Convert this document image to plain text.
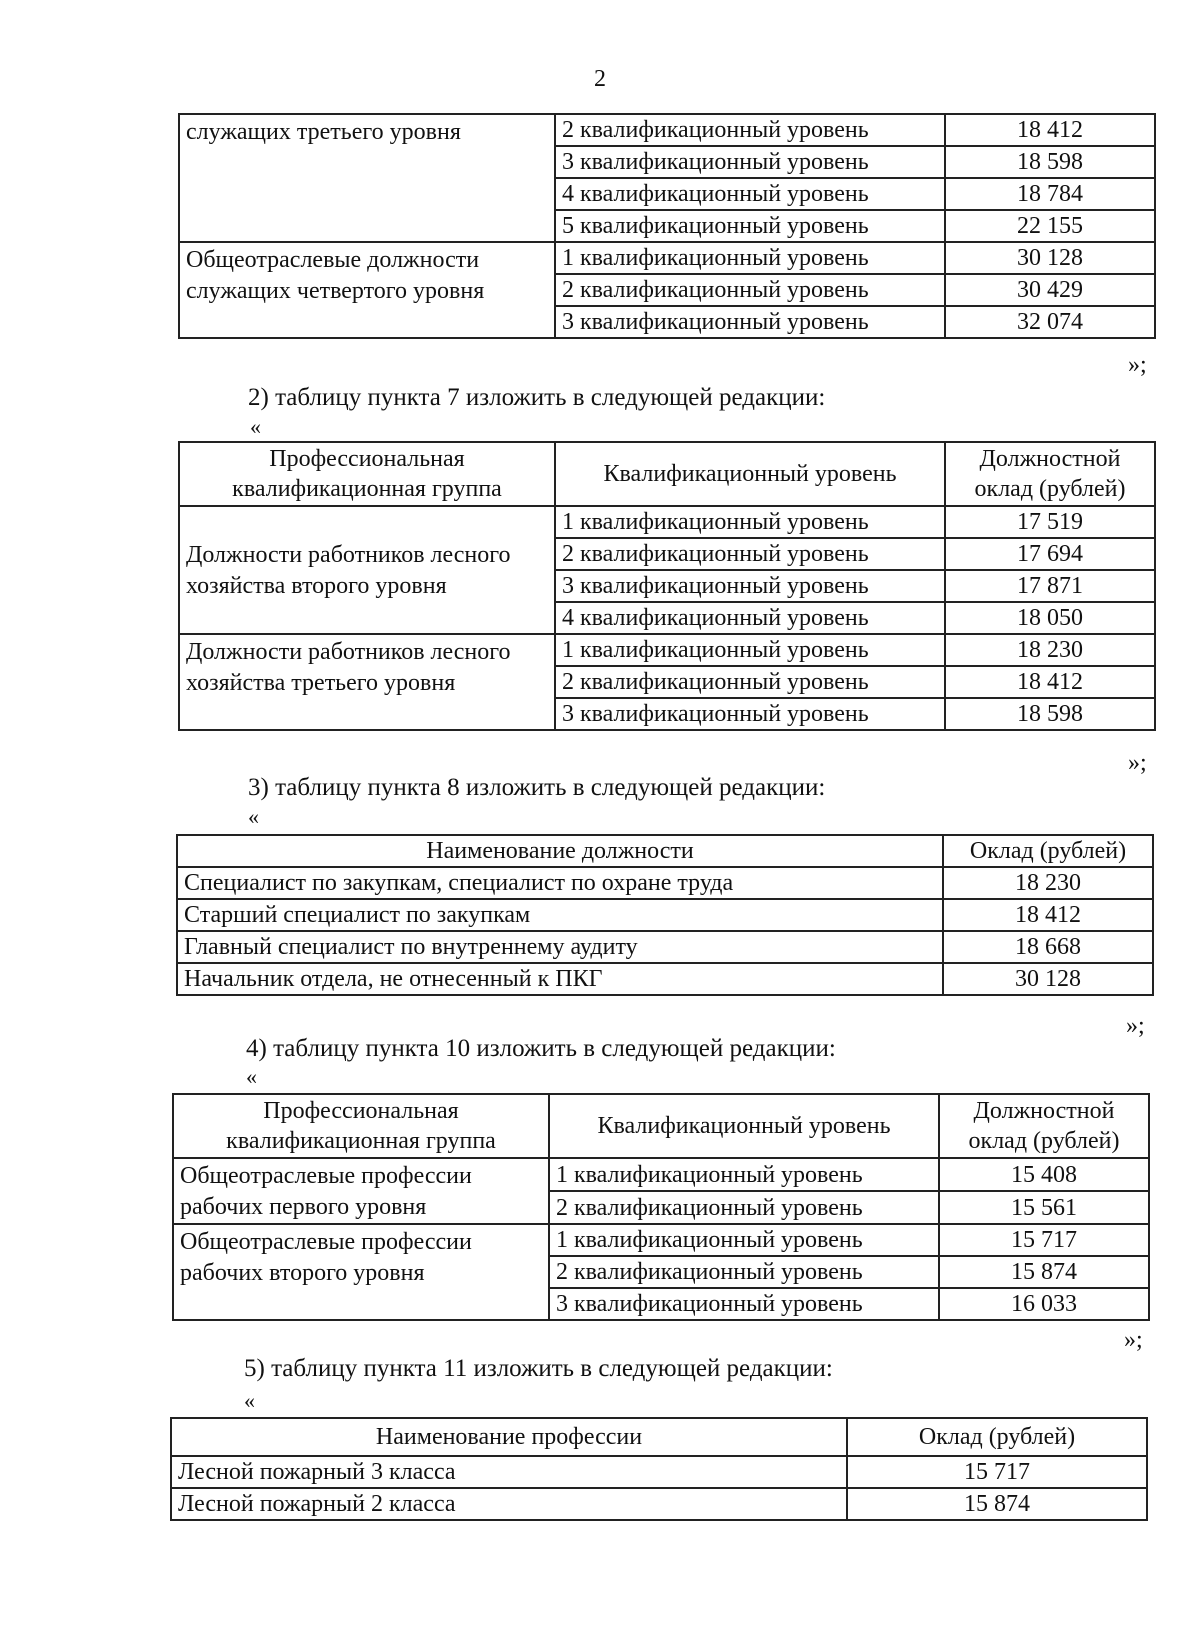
2
служащих третьего уровня	2 квалификационный уровень	18 412
	3 квалификационный уровень	18 598
	4 квалификационный уровень	18 784
	5 квалификационный уровень	22 155
Общеотраслевые должности служащих четвертого уровня	1 квалификационный уровень	30 128
	2 квалификационный уровень	30 429
	3 квалификационный уровень	32 074
»;
2) таблицу пункта 7 изложить в следующей редакции:
«
Профессиональная квалификационная группа	Квалификационный уровень	Должностной оклад (рублей)
Должности работников лесного хозяйства второго уровня	1 квалификационный уровень	17 519
	2 квалификационный уровень	17 694
	3 квалификационный уровень	17 871
	4 квалификационный уровень	18 050
Должности работников лесного хозяйства третьего уровня	1 квалификационный уровень	18 230
	2 квалификационный уровень	18 412
	3 квалификационный уровень	18 598
»;
3) таблицу пункта 8 изложить в следующей редакции:
«
Наименование должности	Оклад (рублей)
Специалист по закупкам, специалист по охране труда	18 230
Старший специалист по закупкам	18 412
Главный специалист по внутреннему аудиту	18 668
Начальник отдела, не отнесенный к ПКГ	30 128
»;
4) таблицу пункта 10 изложить в следующей редакции:
«
Профессиональная квалификационная группа	Квалификационный уровень	Должностной оклад (рублей)
Общеотраслевые профессии рабочих первого уровня	1 квалификационный уровень	15 408
	2 квалификационный уровень	15 561
Общеотраслевые профессии рабочих второго уровня	1 квалификационный уровень	15 717
	2 квалификационный уровень	15 874
	3 квалификационный уровень	16 033
»;
5) таблицу пункта 11 изложить в следующей редакции:
«
Наименование профессии	Оклад (рублей)
Лесной пожарный 3 класса	15 717
Лесной пожарный 2 класса	15 874
